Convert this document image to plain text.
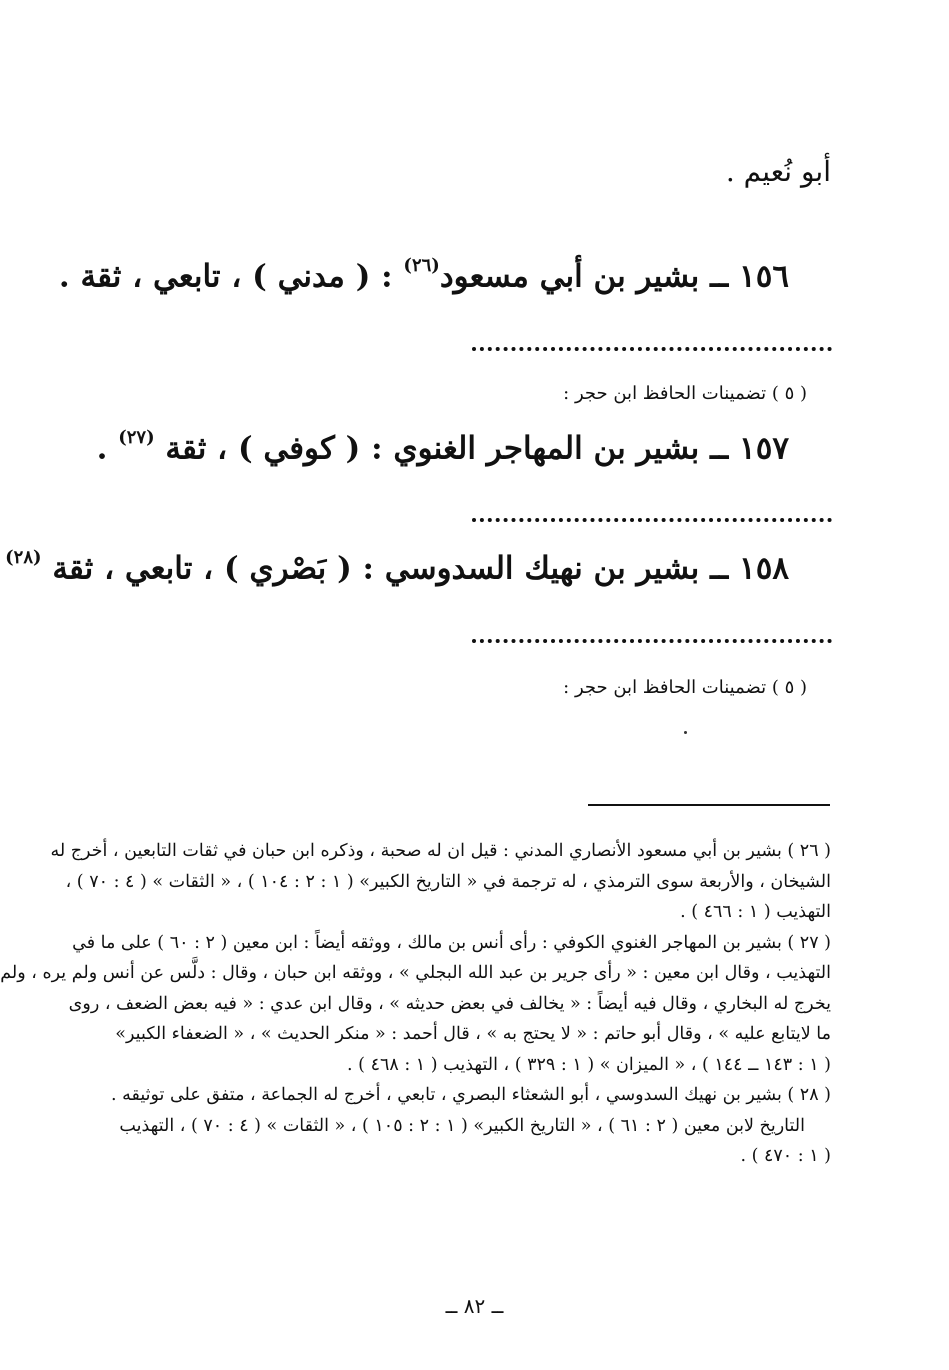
أبو نُعيم .
١٥٦ ــ بشير بن أبي مسعود$^{(٢٦)}$ : ( مدني ) ، تابعي ، ثقة .
( ٥ ) تضمينات الحافظ ابن حجر :
١٥٧ ــ بشير بن المهاجر الغنوي : ( كوفي ) ، ثقة $^{(٢٧)}$ .
١٥٨ ــ بشير بن نهيك السدوسي : ( بَصْري ) ، تابعي ، ثقة $^{(٢٨)}$
( ٥ ) تضمينات الحافظ ابن حجر :
( ٢٦ ) بشير بن أبي مسعود الأنصاري المدني : قيل ان له صحبة ، وذكره ابن حبان في ثقات التابعين ، أخرج له
الشيخان ، والأربعة سوى الترمذي ، له ترجمة في « التاريخ الكبير» ( ١ : ٢ : ١٠٤ ) ، « الثقات » ( ٤ : ٧٠ ) ،
التهذيب ( ١ : ٤٦٦ ) .
( ٢٧ ) بشير بن المهاجر الغنوي الكوفي : رأى أنس بن مالك ، ووثقه أيضاً : ابن معين ( ٢ : ٦٠ ) على ما في
التهذيب ، وقال ابن معين : « رأى جرير بن عبد الله البجلي » ، ووثقه ابن حبان ، وقال : دلَّس عن أنس ولم يره ، ولم
يخرج له البخاري ، وقال فيه أيضاً : « يخالف في بعض حديثه » ، وقال ابن عدي : « فيه بعض الضعف ، روى
ما لايتابع عليه » ، وقال أبو حاتم : « لا يحتج به » ، قال أحمد : « منكر الحديث » ، « الضعفاء الكبير»
( ١ : ١٤٣ ــ ١٤٤ ) ، « الميزان » ( ١ : ٣٢٩ ) ، التهذيب ( ١ : ٤٦٨ ) .
( ٢٨ ) بشير بن نهيك السدوسي ، أبو الشعثاء البصري ، تابعي ، أخرج له الجماعة ، متفق على توثيقه .
التاريخ لابن معين ( ٢ : ٦١ ) ، « التاريخ الكبير» ( ١ : ٢ : ١٠٥ ) ، « الثقات » ( ٤ : ٧٠ ) ، التهذيب
( ١ : ٤٧٠ ) .
ــ ٨٢ ــ
